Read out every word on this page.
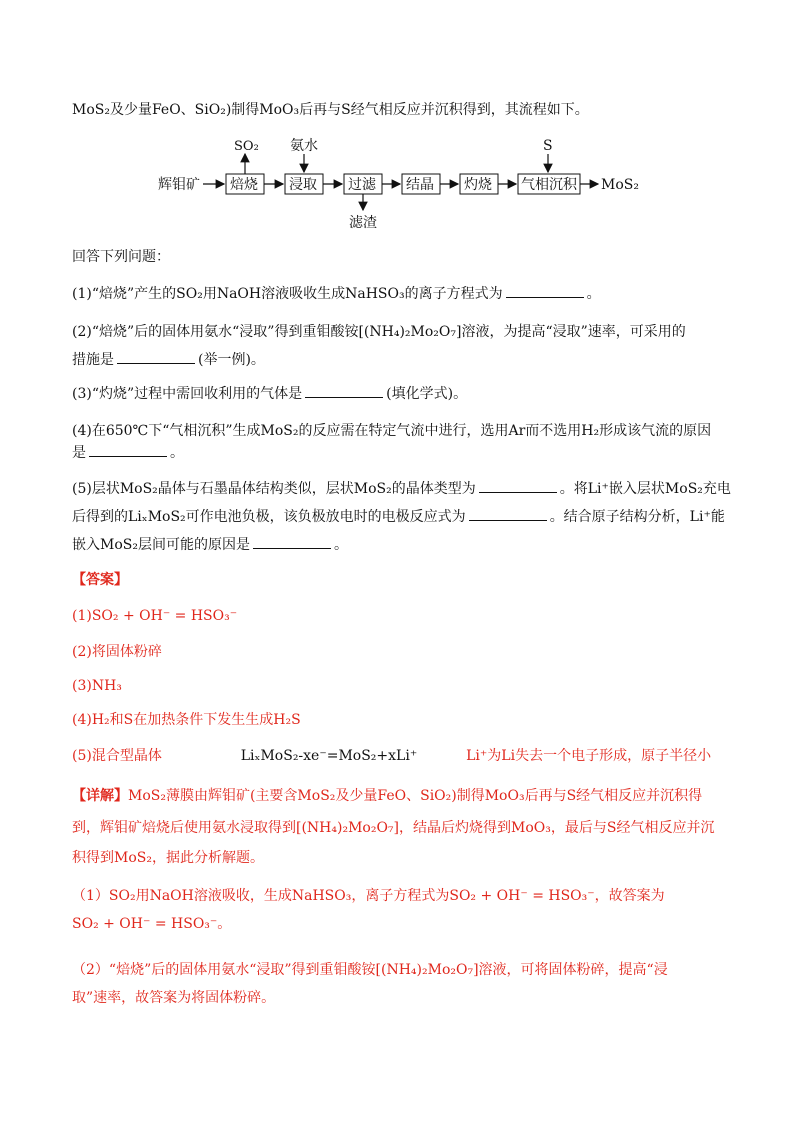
MoS₂及少量FeO、SiO₂)制得MoO₃后再与S经气相反应并沉积得到，其流程如下。
辉钼矿 焙烧
SO₂
浸取
氨水
过滤
滤渣
结晶 灼烧 气相沉积
S
MoS₂
回答下列问题：
(1)“焙烧”产生的SO₂用NaOH溶液吸收生成NaHSO₃的离子方程式为	。
(2)“焙烧”后的固体用氨水“浸取”得到重钼酸铵[(NH₄)₂Mo₂O₇]溶液，为提高“浸取”速率，可采用的
措施是	(举一例)。
(3)“灼烧”过程中需回收利用的气体是	(填化学式)。
(4)在650℃下“气相沉积”生成MoS₂的反应需在特定气流中进行，选用Ar而不选用H₂形成该气流的原因
是	。
(5)层状MoS₂晶体与石墨晶体结构类似，层状MoS₂的晶体类型为	。将Li⁺嵌入层状MoS₂充电
后得到的LiₓMoS₂可作电池负极，该负极放电时的电极反应式为	。结合原子结构分析，Li⁺能
嵌入MoS₂层间可能的原因是	。
【答案】
(1)SO₂ + OH⁻ = HSO₃⁻
(2)将固体粉碎
(3)NH₃
(4)H₂和S在加热条件下发生生成H₂S
(5)混合型晶体	LiₓMoS₂-xe⁻=MoS₂+xLi⁺	Li⁺为Li失去一个电子形成，原子半径小
【详解】MoS₂薄膜由辉钼矿(主要含MoS₂及少量FeO、SiO₂)制得MoO₃后再与S经气相反应并沉积得
到，辉钼矿焙烧后使用氨水浸取得到[(NH₄)₂Mo₂O₇]，结晶后灼烧得到MoO₃，最后与S经气相反应并沉
积得到MoS₂，据此分析解题。
（1）SO₂用NaOH溶液吸收，生成NaHSO₃，离子方程式为SO₂ + OH⁻ = HSO₃⁻，故答案为
SO₂ + OH⁻ = HSO₃⁻。
（2）“焙烧”后的固体用氨水“浸取”得到重钼酸铵[(NH₄)₂Mo₂O₇]溶液，可将固体粉碎，提高“浸
取”速率，故答案为将固体粉碎。
